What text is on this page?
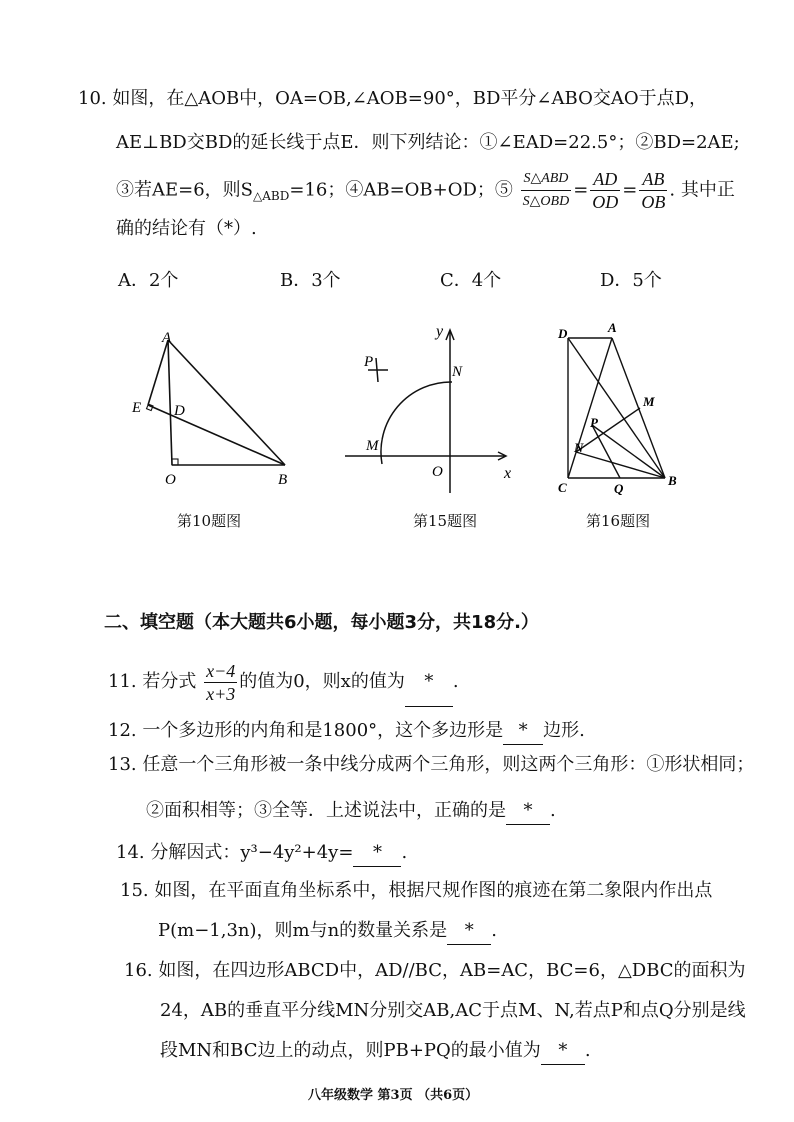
10. 如图，在△AOB中，OA=OB,∠AOB=90°，BD平分∠ABO交AO于点D，
AE⊥BD交BD的延长线于点E．则下列结论：①∠EAD=22.5°；②BD=2AE;
③若AE=6，则$S_{\triangle ABD}=16$；④AB=OB+OD；⑤ $\frac{\text{S△ABD}}{\text{S△OBD}} = \frac{AD}{OD} = \frac{AB}{OB}$ . 其中正
确的结论有（*）.
A．2个	B．3个	C．4个	D．5个
A
E D
O	B
第10题图
y
P
N
M
O	x
第15题图
D	A
M
P
N
C	Q
B
第16题图
二、填空题（本大题共6小题，每小题3分，共18分.）
11. 若分式 $\frac{x-4}{x+3}$ 的值为0，则x的值为 * .
12. 一个多边形的内角和是1800°，这个多边形是 * 边形.
13. 任意一个三角形被一条中线分成两个三角形，则这两个三角形：①形状相同；
②面积相等；③全等．上述说法中，正确的是 * .
14. 分解因式：y³−4y²+4y= * .
15. 如图，在平面直角坐标系中，根据尺规作图的痕迹在第二象限内作出点
P(m−1,3n)，则m与n的数量关系是 * .
16. 如图，在四边形ABCD中，AD//BC，AB=AC，BC=6，△DBC的面积为
24，AB的垂直平分线MN分别交AB,AC于点M、N,若点P和点Q分别是线
段MN和BC边上的动点，则PB+PQ的最小值为 * .
八年级数学 第3页 （共6页）
